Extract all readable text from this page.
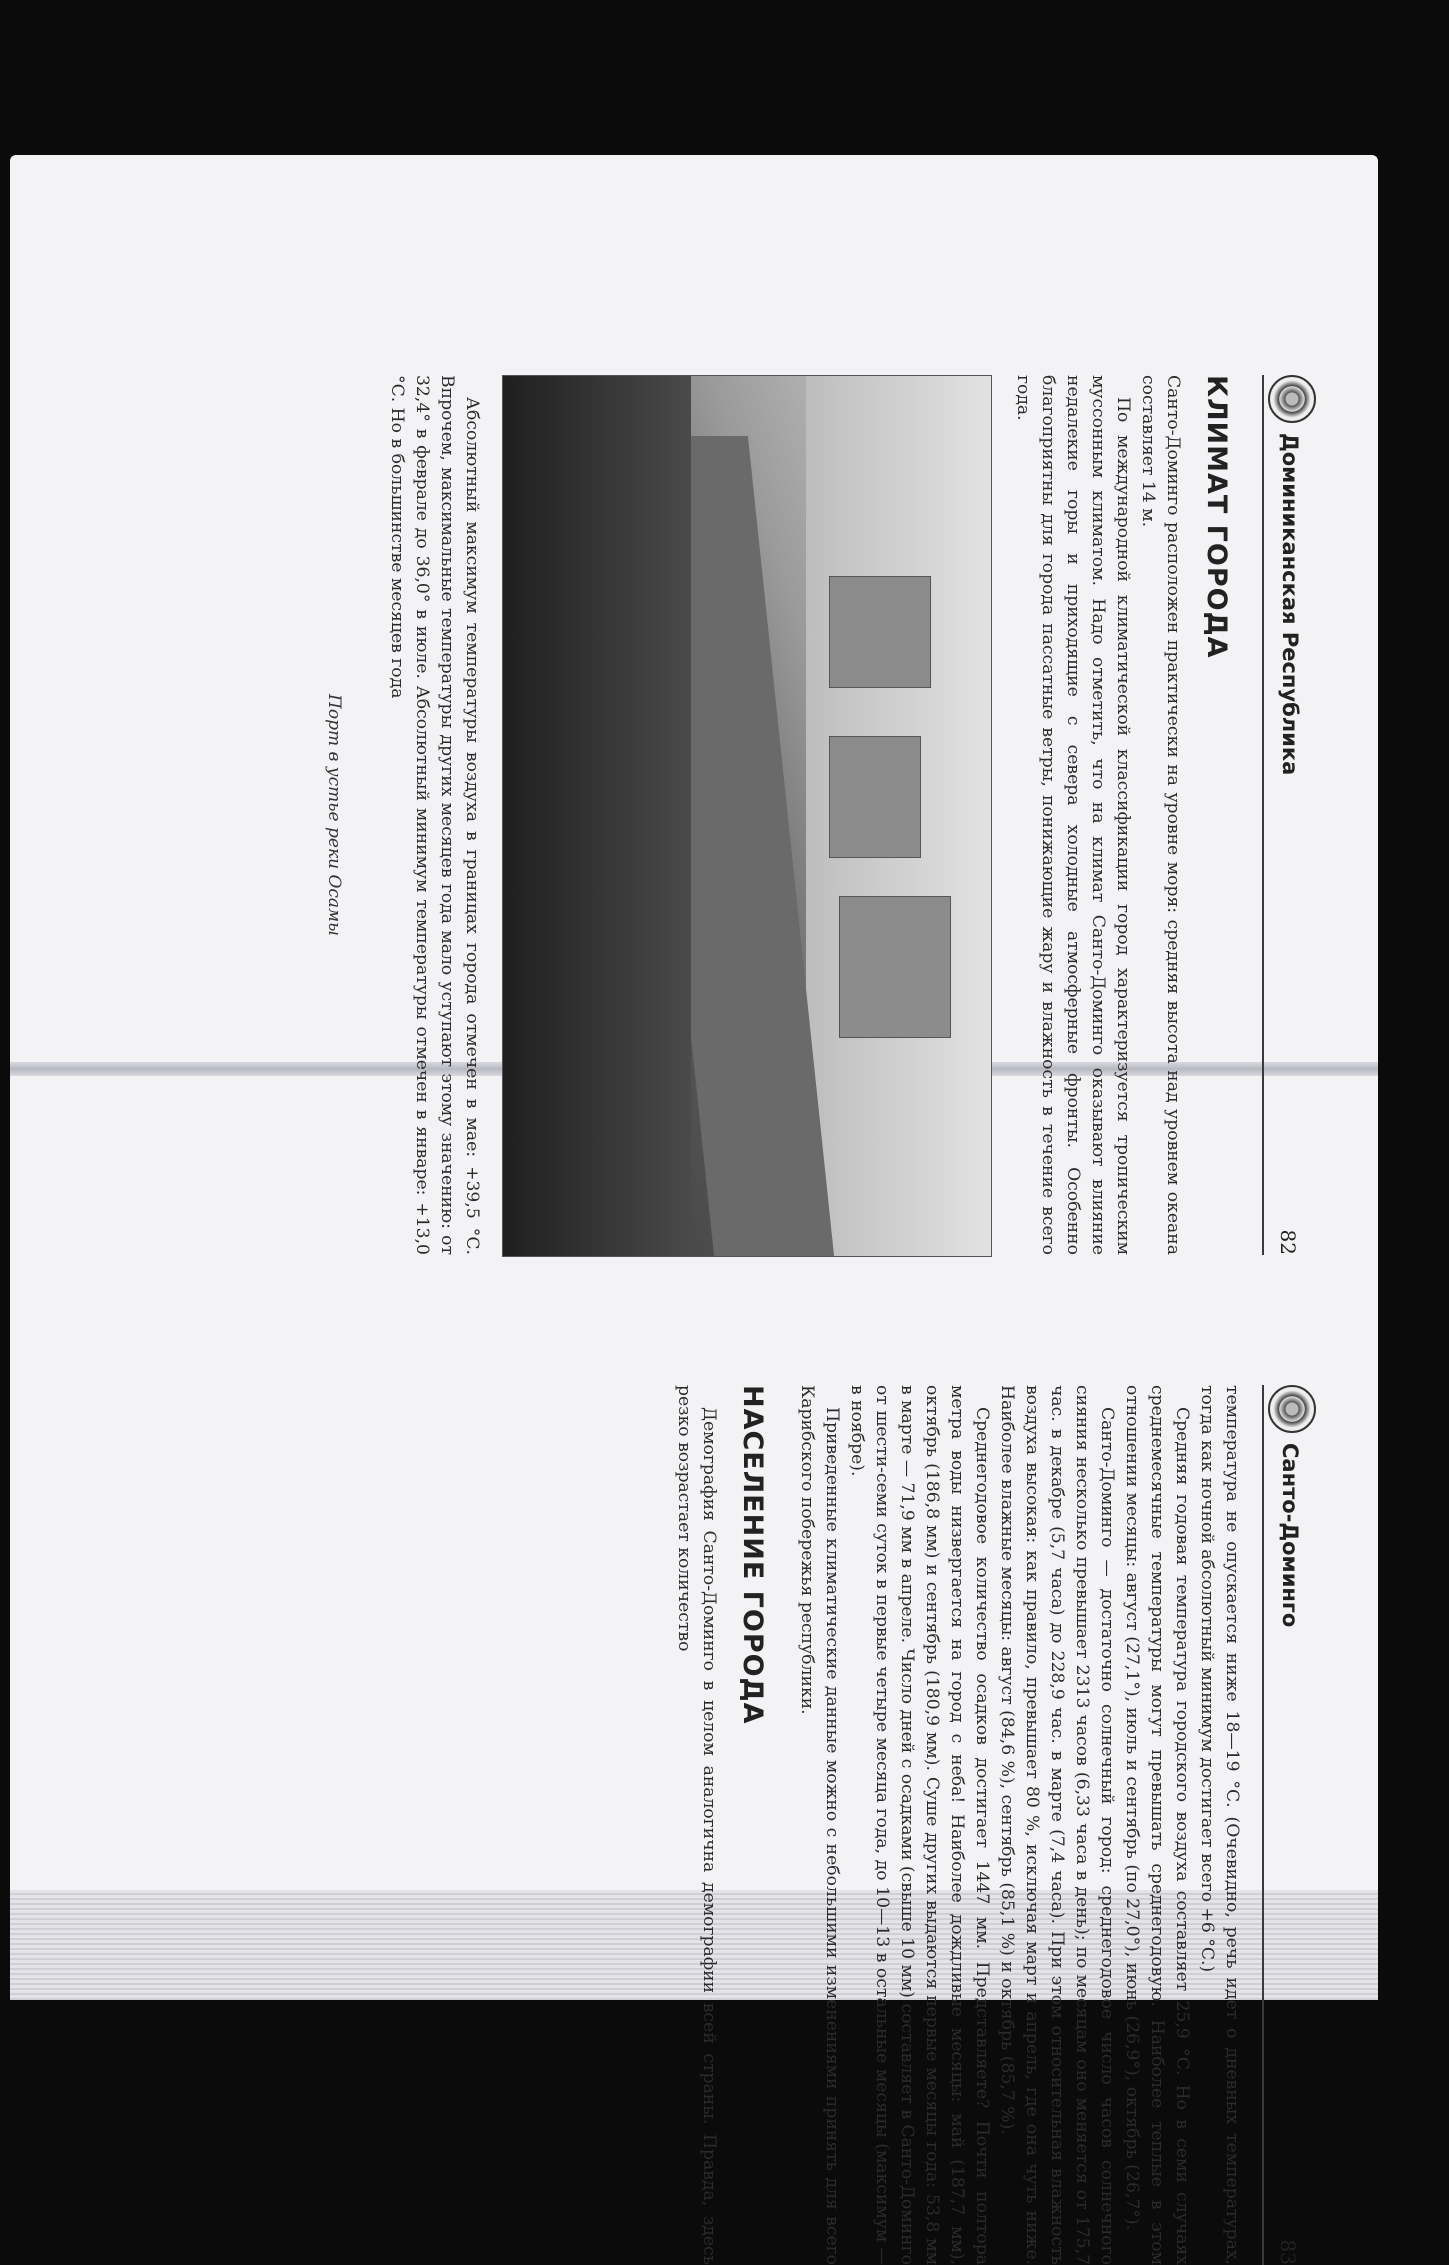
Доминиканская Республика
82
КЛИМАТ ГОРОДА

Санто-Доминго расположен практически на уровне моря: средняя высота над уровнем океана составляет 14 м.

По международной климатической классификации город характеризуется тропическим муссонным климатом. Надо отметить, что на климат Санто-Доминго оказывают влияние недалекие горы и приходящие с севера холодные атмосферные фронты. Особенно благоприятны для города пассатные ветры, понижающие жару и влажность в течение всего года.

Абсолютный максимум температуры воздуха в границах города отмечен в мае: +39,5 °С. Впрочем, максимальные температуры других месяцев года мало уступают этому значению: от 32,4° в феврале до 36,0° в июле. Абсолютный минимум температуры отмечен в январе: +13,0 °С. Но в большинстве месяцев года

Порт в устье реки Осамы
Санто-Доминго
83

температура не опускается ниже 18—19 °С. (Очевидно, речь идет о дневных температурах, тогда как ночной абсолютный минимум достигает всего +6 °С.)

Средняя годовая температура городского воздуха составляет 25,9 °С. Но в семи случаях среднемесячные температуры могут превышать среднегодовую. Наиболее теплые в этом отношении месяцы: август (27,1°), июль и сентябрь (по 27,0°), июнь (26,9°), октябрь (26,7°).

Санто-Доминго — достаточно солнечный город: среднегодовое число часов солнечного сияния несколько превышает 2313 часов (6,33 часа в день); по месяцам оно меняется от 175,7 час. в декабре (5,7 часа) до 228,9 час. в марте (7,4 часа). При этом относительная влажность воздуха высокая: как правило, превышает 80 %, исключая март и апрель, где она чуть ниже. Наиболее влажные месяцы: август (84,6 %), сентябрь (85,1 %) и октябрь (85,7 %).

Среднегодовое количество осадков достигает 1447 мм. Представляете? Почти полтора метра воды низвергается на город с неба! Наиболее дождливые месяцы: май (187,7 мм), октябрь (186,8 мм) и сентябрь (180,9 мм). Суше других выдаются первые месяцы года: 53,8 мм в марте — 71,9 мм в апреле. Число дней с осадками (свыше 10 мм) составляет в Санто-Доминго от шести-семи суток в первые четыре месяца года, до 10—13 в остальные месяцы (максимум — в ноябре).

Приведенные климатические данные можно с небольшими изменениями принять для всего Карибского побережья республики.

НАСЕЛЕНИЕ ГОРОДА

Демография Санто-Доминго в целом аналогична демографии всей страны. Правда, здесь резко возрастает количество
